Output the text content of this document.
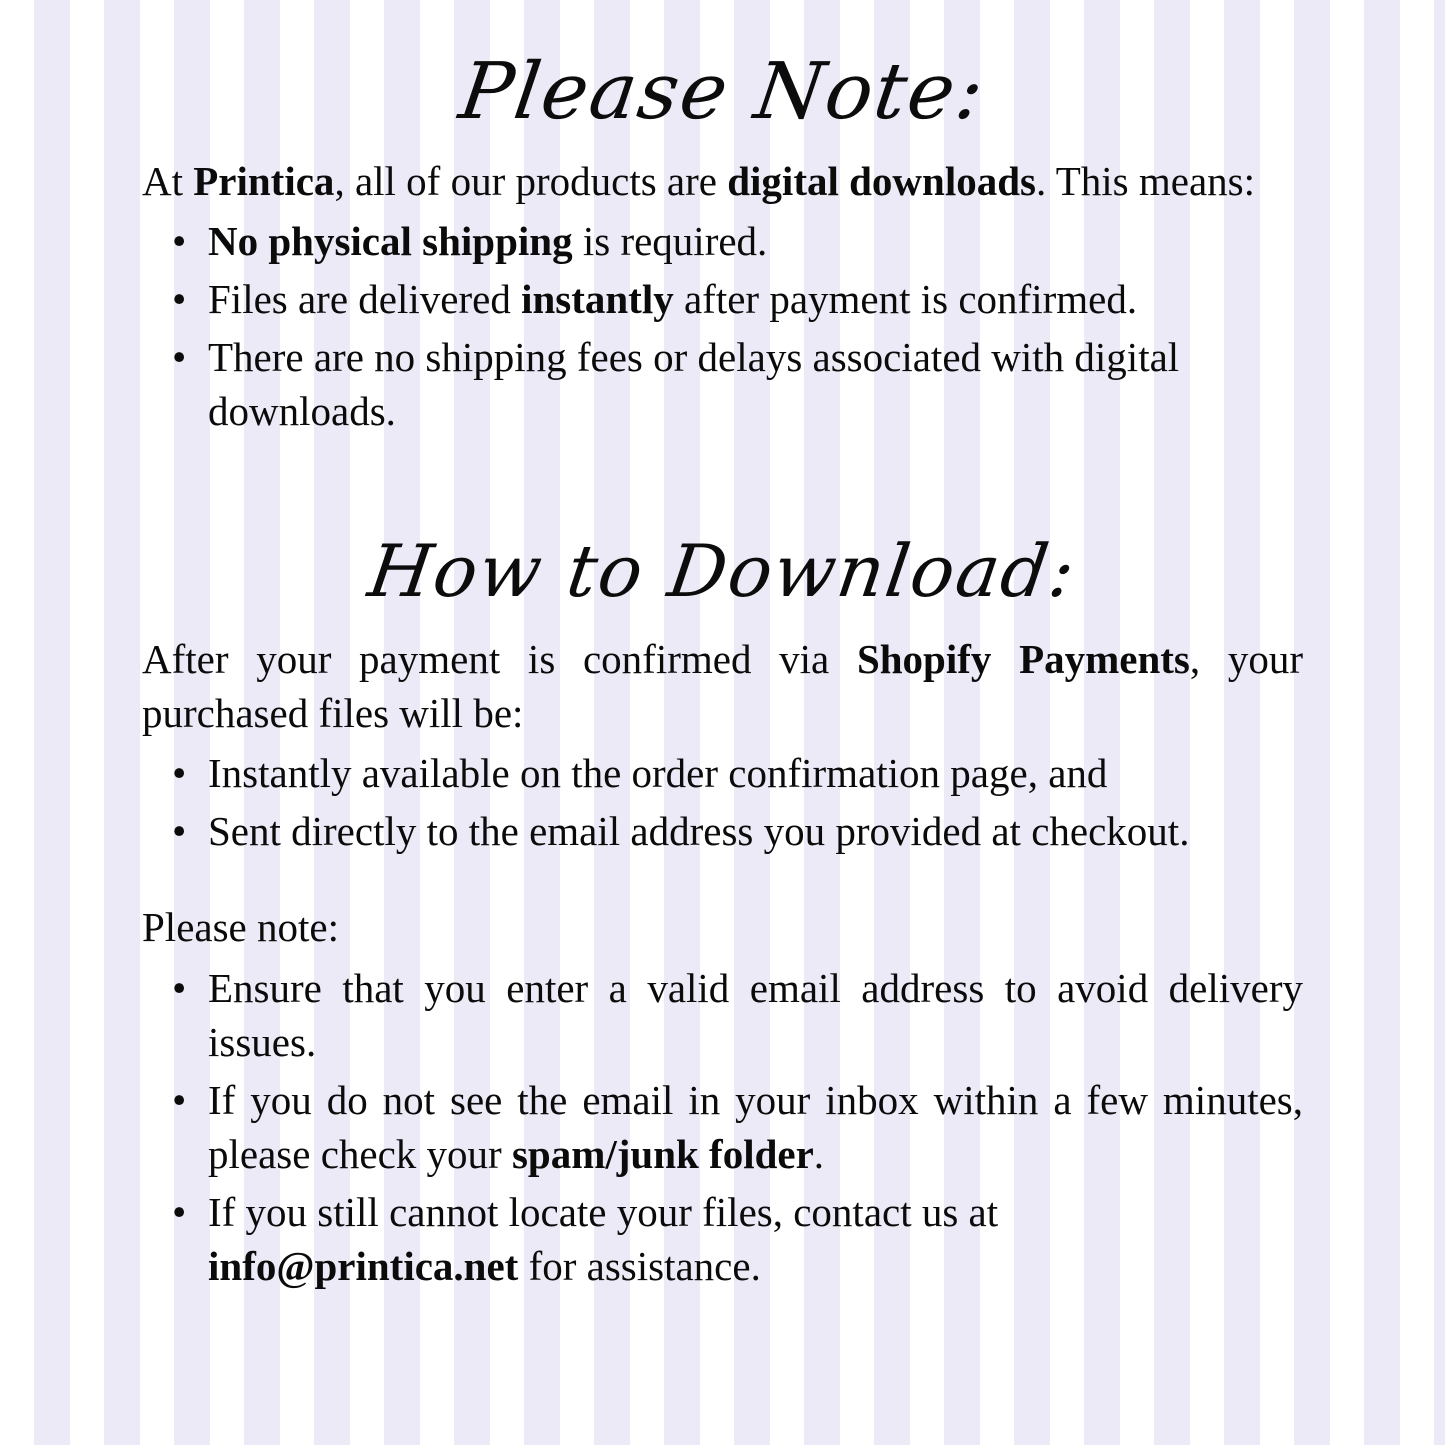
Please Note:

At Printica, all of our products are digital downloads. This means:

• No physical shipping is required.
• Files are delivered instantly after payment is confirmed.
• There are no shipping fees or delays associated with digital downloads.
How to Download:

After your payment is confirmed via Shopify Payments, your purchased files will be:

• Instantly available on the order confirmation page, and
• Sent directly to the email address you provided at checkout.

Please note:

• Ensure that you enter a valid email address to avoid delivery issues.
• If you do not see the email in your inbox within a few minutes, please check your spam/junk folder.
• If you still cannot locate your files, contact us at info@printica.net for assistance.
